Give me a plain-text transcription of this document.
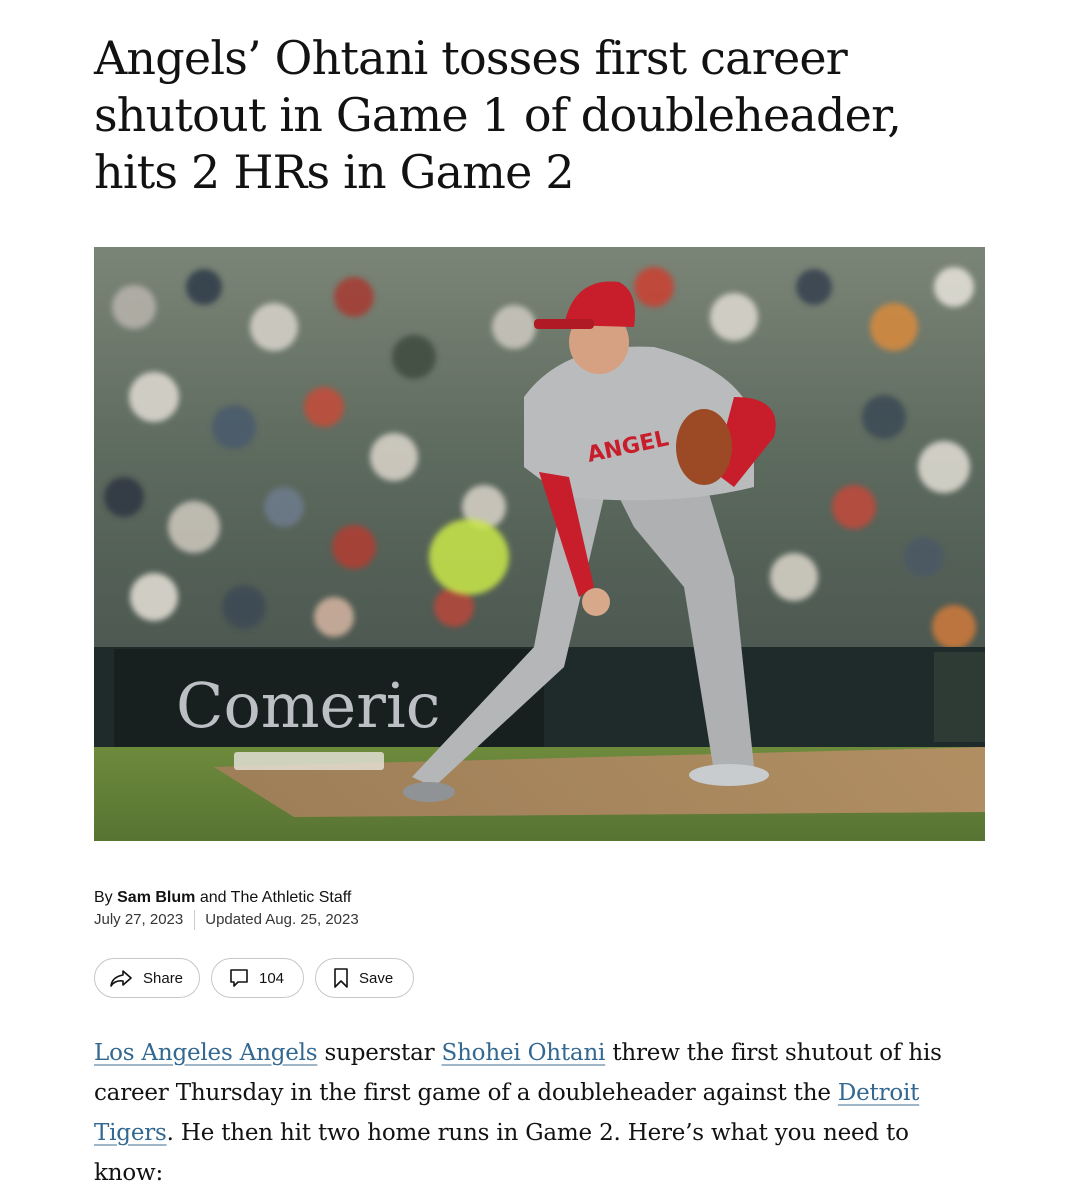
Angels’ Ohtani tosses first career shutout in Game 1 of doubleheader, hits 2 HRs in Game 2
Comeric
ANGEL
By Sam Blum and The Athletic Staff
July 27, 2023 Updated Aug. 25, 2023
Share	104	Save

Los Angeles Angels superstar Shohei Ohtani threw the first shutout of his career Thursday in the first game of a doubleheader against the Detroit Tigers. He then hit two home runs in Game 2. Here’s what you need to know:
